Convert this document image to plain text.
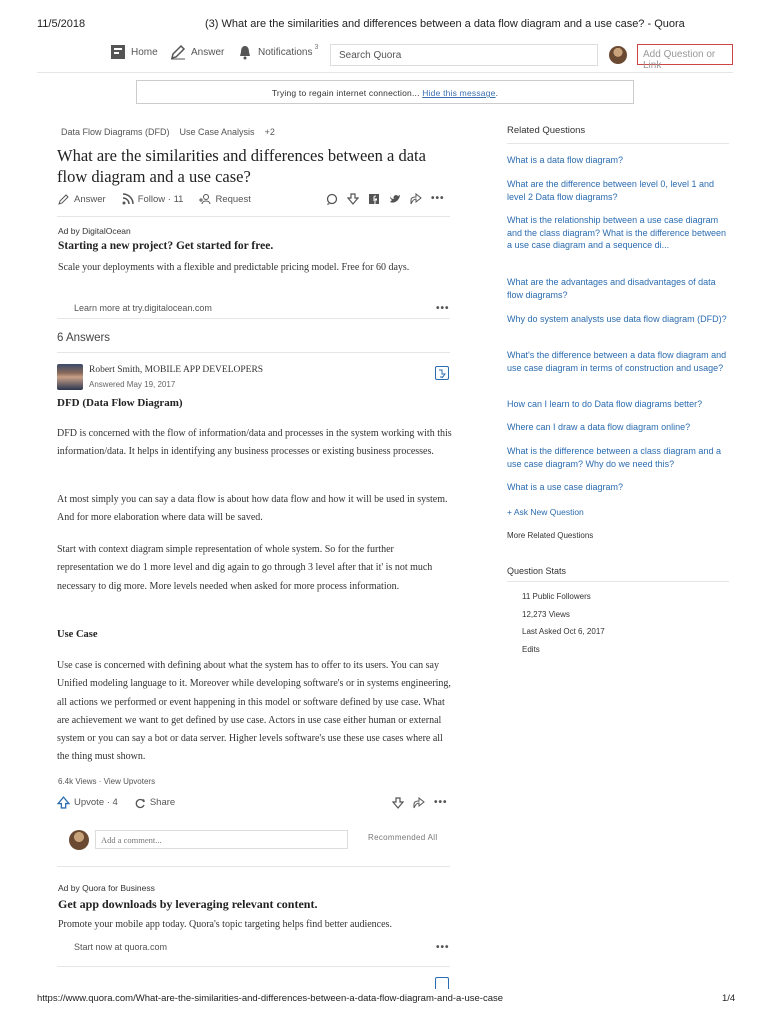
11/5/2018	(3) What are the similarities and differences between a data flow diagram and a use case? - Quora
Home	Answer	Notifications $^3$
Search Quora	Add Question or Link
Trying to regain internet connection... Hide this message.
Data Flow Diagrams (DFD) Use Case Analysis +2
What are the similarities and differences between a data flow diagram and a use case?
Answer	Follow · 11	Request	•••
Ad by DigitalOcean
Starting a new project? Get started for free.
Scale your deployments with a flexible and predictable pricing model. Free for 60 days.
Learn more at try.digitalocean.com	•••
6 Answers
Robert Smith, MOBILE APP DEVELOPERS
Answered May 19, 2017
DFD (Data Flow Diagram)
DFD is concerned with the flow of information/data and processes in the system working with this information/data. It helps in identifying any business processes or existing business processes.
At most simply you can say a data flow is about how data flow and how it will be used in system. And for more elaboration where data will be saved.
Start with context diagram simple representation of whole system. So for the further representation we do 1 more level and dig again to go through 3 level after that it' is not much necessary to dig more. More levels needed when asked for more process information.
Use Case
Use case is concerned with defining about what the system has to offer to its users. You can say Unified modeling language to it. Moreover while developing software's or in systems engineering, all actions we performed or event happening in this model or software defined by use case. What are achievement we want to get defined by use case. Actors in use case either human or external system or you can say a bot or data server. Higher levels software's use these use cases where all the thing must shown.
6.4k Views · View Upvoters
Upvote · 4	Share	•••
Add a comment...	Recommended All
Ad by Quora for Business
Get app downloads by leveraging relevant content.
Promote your mobile app today. Quora's topic targeting helps find better audiences.
Start now at quora.com	•••
Related Questions
What is a data flow diagram?
What are the difference between level 0, level 1 and level 2 Data flow diagrams?
What is the relationship between a use case diagram and the class diagram? What is the difference between a use case diagram and a sequence di...
What are the advantages and disadvantages of data flow diagrams?
Why do system analysts use data flow diagram (DFD)?
What's the difference between a data flow diagram and use case diagram in terms of construction and usage?
How can I learn to do Data flow diagrams better?
Where can I draw a data flow diagram online?
What is the difference between a class diagram and a use case diagram? Why do we need this?
What is a use case diagram?
+ Ask New Question
More Related Questions
Question Stats
11 Public Followers
12,273 Views
Last Asked Oct 6, 2017
Edits
https://www.quora.com/What-are-the-similarities-and-differences-between-a-data-flow-diagram-and-a-use-case	1/4
